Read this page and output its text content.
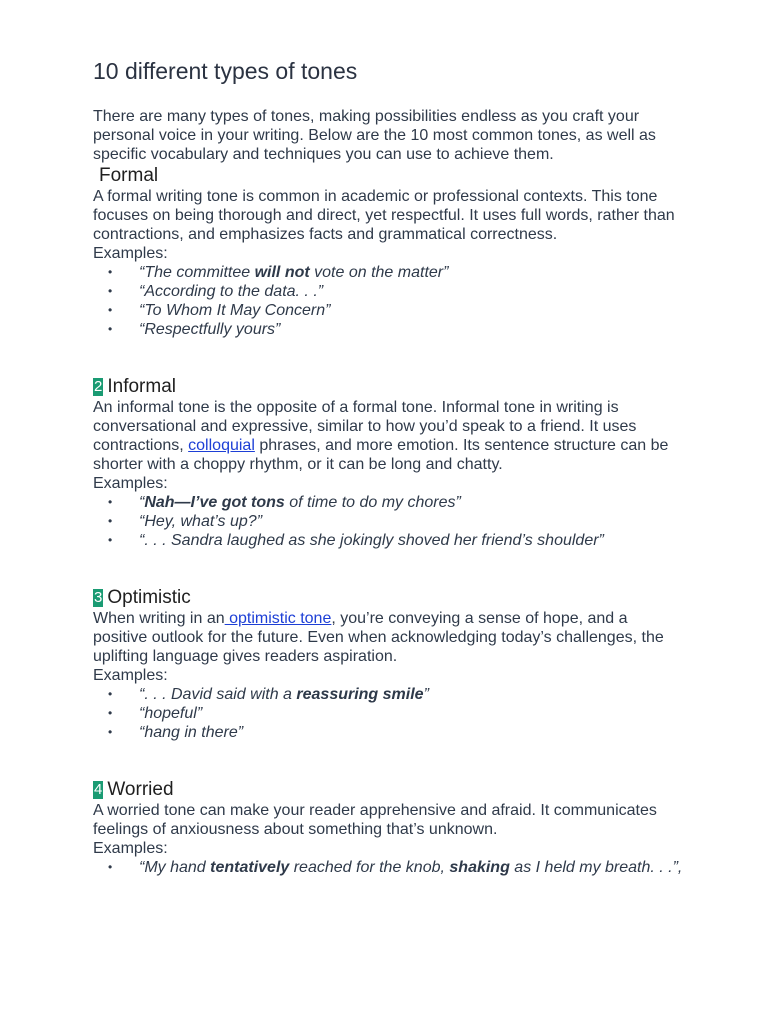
10 different types of tones

There are many types of tones, making possibilities endless as you craft your personal voice in your writing. Below are the 10 most common tones, as well as specific vocabulary and techniques you can use to achieve them.

Formal

A formal writing tone is common in academic or professional contexts. This tone focuses on being thorough and direct, yet respectful. It uses full words, rather than contractions, and emphasizes facts and grammatical correctness.

Examples:
• “The committee will not vote on the matter”
• “According to the data. . .”
• “To Whom It May Concern”
• “Respectfully yours”
2 Informal

An informal tone is the opposite of a formal tone. Informal tone in writing is conversational and expressive, similar to how you’d speak to a friend. It uses contractions, colloquial phrases, and more emotion. Its sentence structure can be shorter with a choppy rhythm, or it can be long and chatty.

Examples:
• “Nah—I’ve got tons of time to do my chores”
• “Hey, what’s up?”
• “. . . Sandra laughed as she jokingly shoved her friend’s shoulder”
3 Optimistic

When writing in an optimistic tone, you’re conveying a sense of hope, and a positive outlook for the future. Even when acknowledging today’s challenges, the uplifting language gives readers aspiration.

Examples:
• “. . . David said with a reassuring smile”
• “hopeful”
• “hang in there”
4 Worried

A worried tone can make your reader apprehensive and afraid. It communicates feelings of anxiousness about something that’s unknown.

Examples:
• “My hand tentatively reached for the knob, shaking as I held my breath. . .”,
